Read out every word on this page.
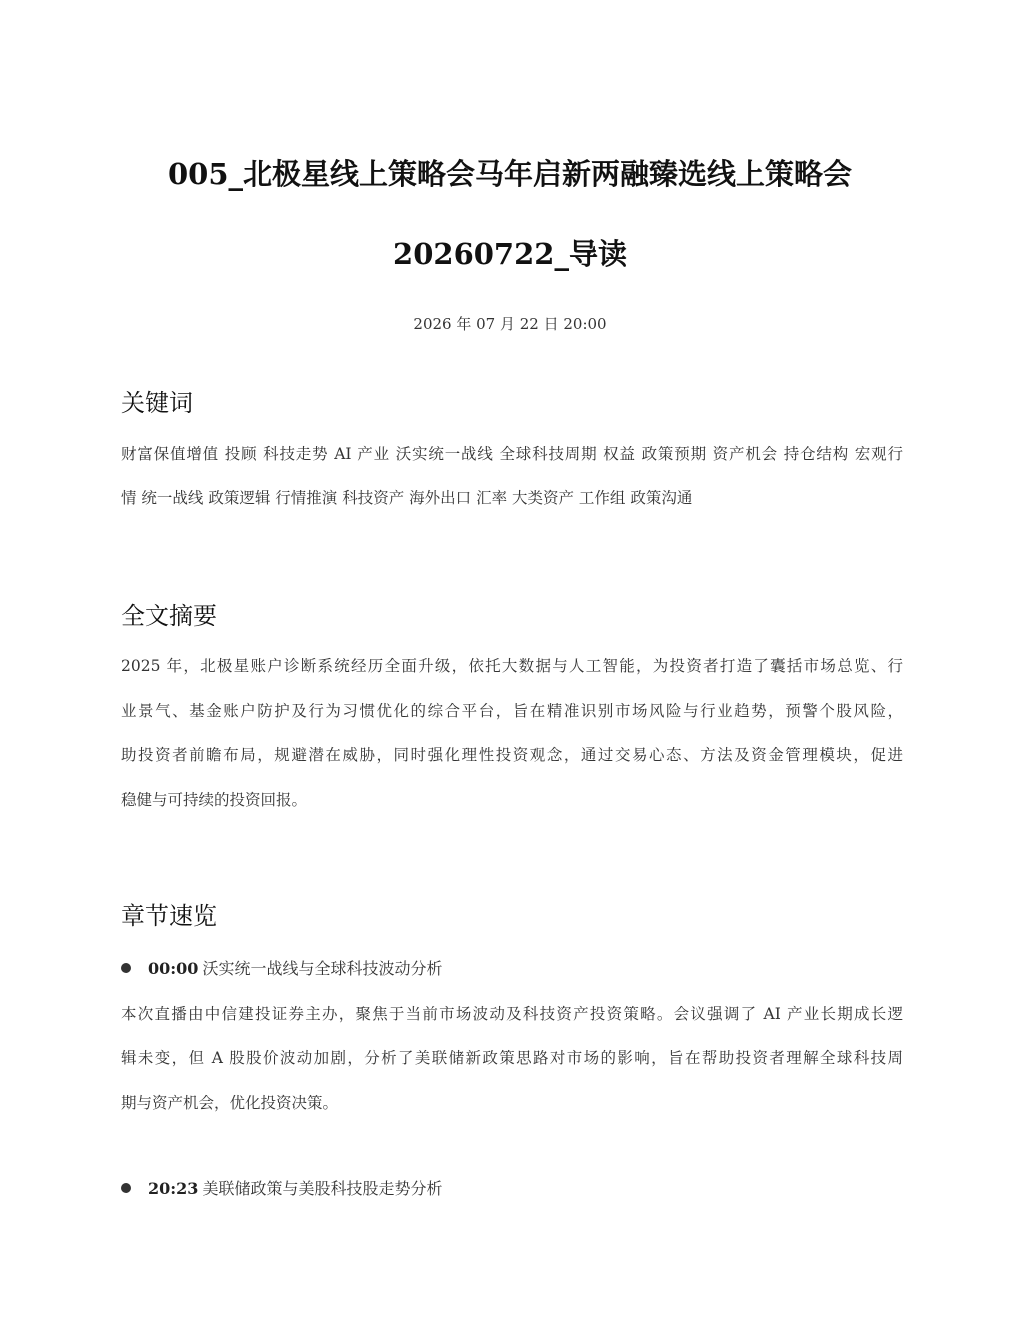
005_北极星线上策略会马年启新两融臻选线上策略会
20260722_导读
2026 年 07 月 22 日 20:00
关键词
财富保值增值 投顾 科技走势 AI 产业 沃实统一战线 全球科技周期 权益 政策预期 资产机会 持仓结构 宏观行
情 统一战线 政策逻辑 行情推演 科技资产 海外出口 汇率 大类资产 工作组 政策沟通
全文摘要
2025 年，北极星账户诊断系统经历全面升级，依托大数据与人工智能，为投资者打造了囊括市场总览、行
业景气、基金账户防护及行为习惯优化的综合平台，旨在精准识别市场风险与行业趋势，预警个股风险，
助投资者前瞻布局，规避潜在威胁，同时强化理性投资观念，通过交易心态、方法及资金管理模块，促进
稳健与可持续的投资回报。
章节速览
00:00 沃实统一战线与全球科技波动分析
本次直播由中信建投证券主办，聚焦于当前市场波动及科技资产投资策略。会议强调了 AI 产业长期成长逻
辑未变，但 A 股股价波动加剧，分析了美联储新政策思路对市场的影响，旨在帮助投资者理解全球科技周
期与资产机会，优化投资决策。
20:23 美联储政策与美股科技股走势分析
